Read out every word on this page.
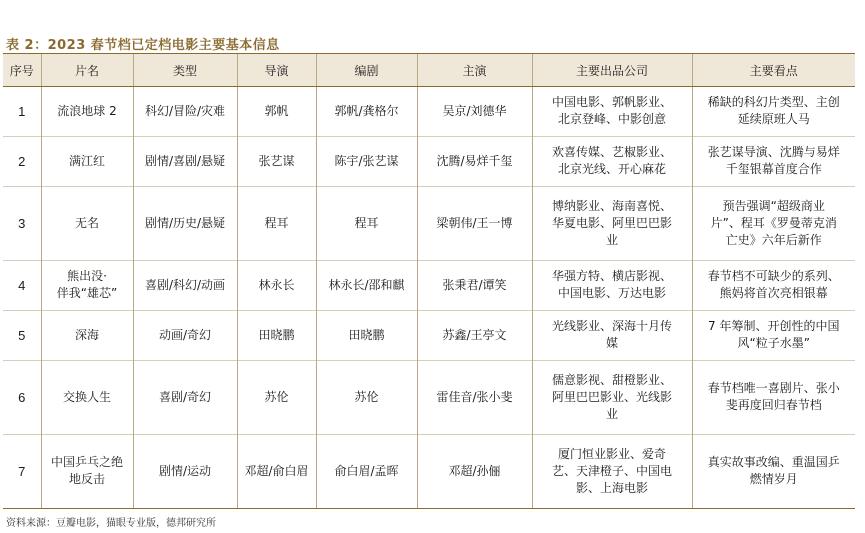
表 2：2023 春节档已定档电影主要基本信息
序号	片名	类型	导演	编剧	主演	主要出品公司	主要看点
1	流浪地球 2	科幻/冒险/灾难	郭帆	郭帆/龚格尔	吴京/刘德华	中国电影、郭帆影业、
北京登峰、中影创意	稀缺的科幻片类型、主创
延续原班人马
2	满江红	剧情/喜剧/悬疑	张艺谋	陈宇/张艺谋	沈腾/易烊千玺	欢喜传媒、艺椒影业、
北京光线、开心麻花	张艺谋导演、沈腾与易烊
千玺银幕首度合作
3	无名	剧情/历史/悬疑	程耳	程耳	梁朝伟/王一博	博纳影业、海南喜悦、
华夏电影、阿里巴巴影
业	预告强调“超级商业
片”、程耳《罗曼蒂克消
亡史》六年后新作
4	熊出没·
伴我“雄芯”	喜剧/科幻/动画	林永长	林永长/邵和麒	张秉君/谭笑	华强方特、横店影视、
中国电影、万达电影	春节档不可缺少的系列、
熊妈将首次亮相银幕
5	深海	动画/奇幻	田晓鹏	田晓鹏	苏鑫/王亭文	光线影业、深海十月传
媒	7 年筹制、开创性的中国
风“粒子水墨”
6	交换人生	喜剧/奇幻	苏伦	苏伦	雷佳音/张小斐	儒意影视、甜橙影业、
阿里巴巴影业、光线影
业	春节档唯一喜剧片、张小
斐再度回归春节档
7	中国乒乓之绝
地反击	剧情/运动	邓超/俞白眉	俞白眉/孟晖	邓超/孙俪	厦门恒业影业、爱奇
艺、天津橙子、中国电
影、上海电影	真实故事改编、重温国乒
燃情岁月
资料来源：豆瓣电影，猫眼专业版，德邦研究所
